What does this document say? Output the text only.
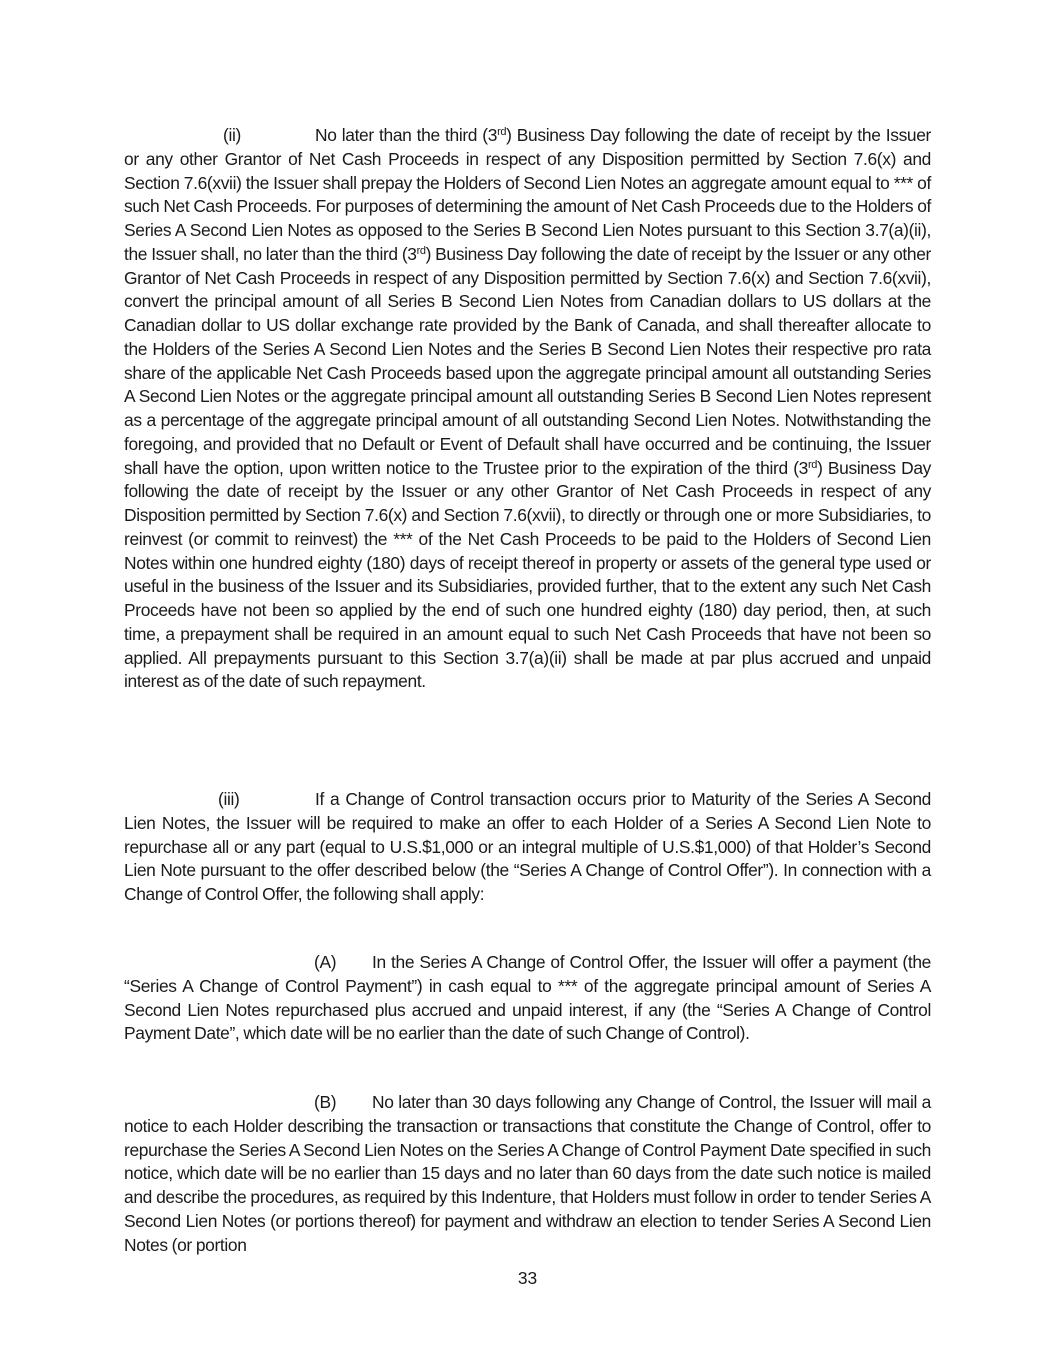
(ii)	No later than the third (3rd) Business Day following the date of receipt by the Issuer or any other Grantor of Net Cash Proceeds in respect of any Disposition permitted by Section 7.6(x) and Section 7.6(xvii) the Issuer shall prepay the Holders of Second Lien Notes an aggregate amount equal to *** of such Net Cash Proceeds. For purposes of determining the amount of Net Cash Proceeds due to the Holders of Series A Second Lien Notes as opposed to the Series B Second Lien Notes pursuant to this Section 3.7(a)(ii), the Issuer shall, no later than the third (3rd) Business Day following the date of receipt by the Issuer or any other Grantor of Net Cash Proceeds in respect of any Disposition permitted by Section 7.6(x) and Section 7.6(xvii), convert the principal amount of all Series B Second Lien Notes from Canadian dollars to US dollars at the Canadian dollar to US dollar exchange rate provided by the Bank of Canada, and shall thereafter allocate to the Holders of the Series A Second Lien Notes and the Series B Second Lien Notes their respective pro rata share of the applicable Net Cash Proceeds based upon the aggregate principal amount all outstanding Series A Second Lien Notes or the aggregate principal amount all outstanding Series B Second Lien Notes represent as a percentage of the aggregate principal amount of all outstanding Second Lien Notes. Notwithstanding the foregoing, and provided that no Default or Event of Default shall have occurred and be continuing, the Issuer shall have the option, upon written notice to the Trustee prior to the expiration of the third (3rd) Business Day following the date of receipt by the Issuer or any other Grantor of Net Cash Proceeds in respect of any Disposition permitted by Section 7.6(x) and Section 7.6(xvii), to directly or through one or more Subsidiaries, to reinvest (or commit to reinvest) the *** of the Net Cash Proceeds to be paid to the Holders of Second Lien Notes within one hundred eighty (180) days of receipt thereof in property or assets of the general type used or useful in the business of the Issuer and its Subsidiaries, provided further, that to the extent any such Net Cash Proceeds have not been so applied by the end of such one hundred eighty (180) day period, then, at such time, a prepayment shall be required in an amount equal to such Net Cash Proceeds that have not been so applied. All prepayments pursuant to this Section 3.7(a)(ii) shall be made at par plus accrued and unpaid interest as of the date of such repayment.

(iii)	If a Change of Control transaction occurs prior to Maturity of the Series A Second Lien Notes, the Issuer will be required to make an offer to each Holder of a Series A Second Lien Note to repurchase all or any part (equal to U.S.$1,000 or an integral multiple of U.S.$1,000) of that Holder’s Second Lien Note pursuant to the offer described below (the “Series A Change of Control Offer”). In connection with a Change of Control Offer, the following shall apply:

(A) In the Series A Change of Control Offer, the Issuer will offer a payment (the “Series A Change of Control Payment”) in cash equal to *** of the aggregate principal amount of Series A Second Lien Notes repurchased plus accrued and unpaid interest, if any (the “Series A Change of Control Payment Date”, which date will be no earlier than the date of such Change of Control).

(B) No later than 30 days following any Change of Control, the Issuer will mail a notice to each Holder describing the transaction or transactions that constitute the Change of Control, offer to repurchase the Series A Second Lien Notes on the Series A Change of Control Payment Date specified in such notice, which date will be no earlier than 15 days and no later than 60 days from the date such notice is mailed and describe the procedures, as required by this Indenture, that Holders must follow in order to tender Series A Second Lien Notes (or portions thereof) for payment and withdraw an election to tender Series A Second Lien Notes (or portion

33
